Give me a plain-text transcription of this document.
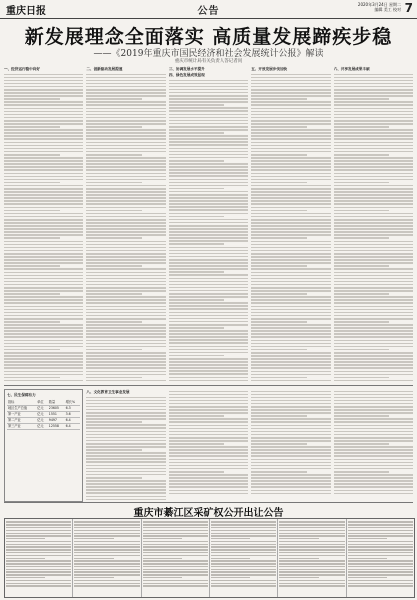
重庆日报	公告
2020年3月24日 星期二
编辑 美工 校对 7
新发展理念全面落实 高质量发展蹄疾步稳
——《2019年重庆市国民经济和社会发展统计公报》解读
重庆市统计局有关负责人答记者问
一、经济运行稳中向好	二、创新驱动发展提速	三、协调发展水平提升
四、绿色发展成效显现
五、开放发展步伐加快	六、共享发展成果丰硕
七、民生保障有力
指标	单位	数量	增长%
地区生产总值	亿元	23605	6.3
第一产业	亿元	1551	3.6
第二产业	亿元	9497	6.4
第三产业	亿元	12558	6.4
八、文化教育卫生事业发展
重庆市綦江区采矿权公开出让公告
